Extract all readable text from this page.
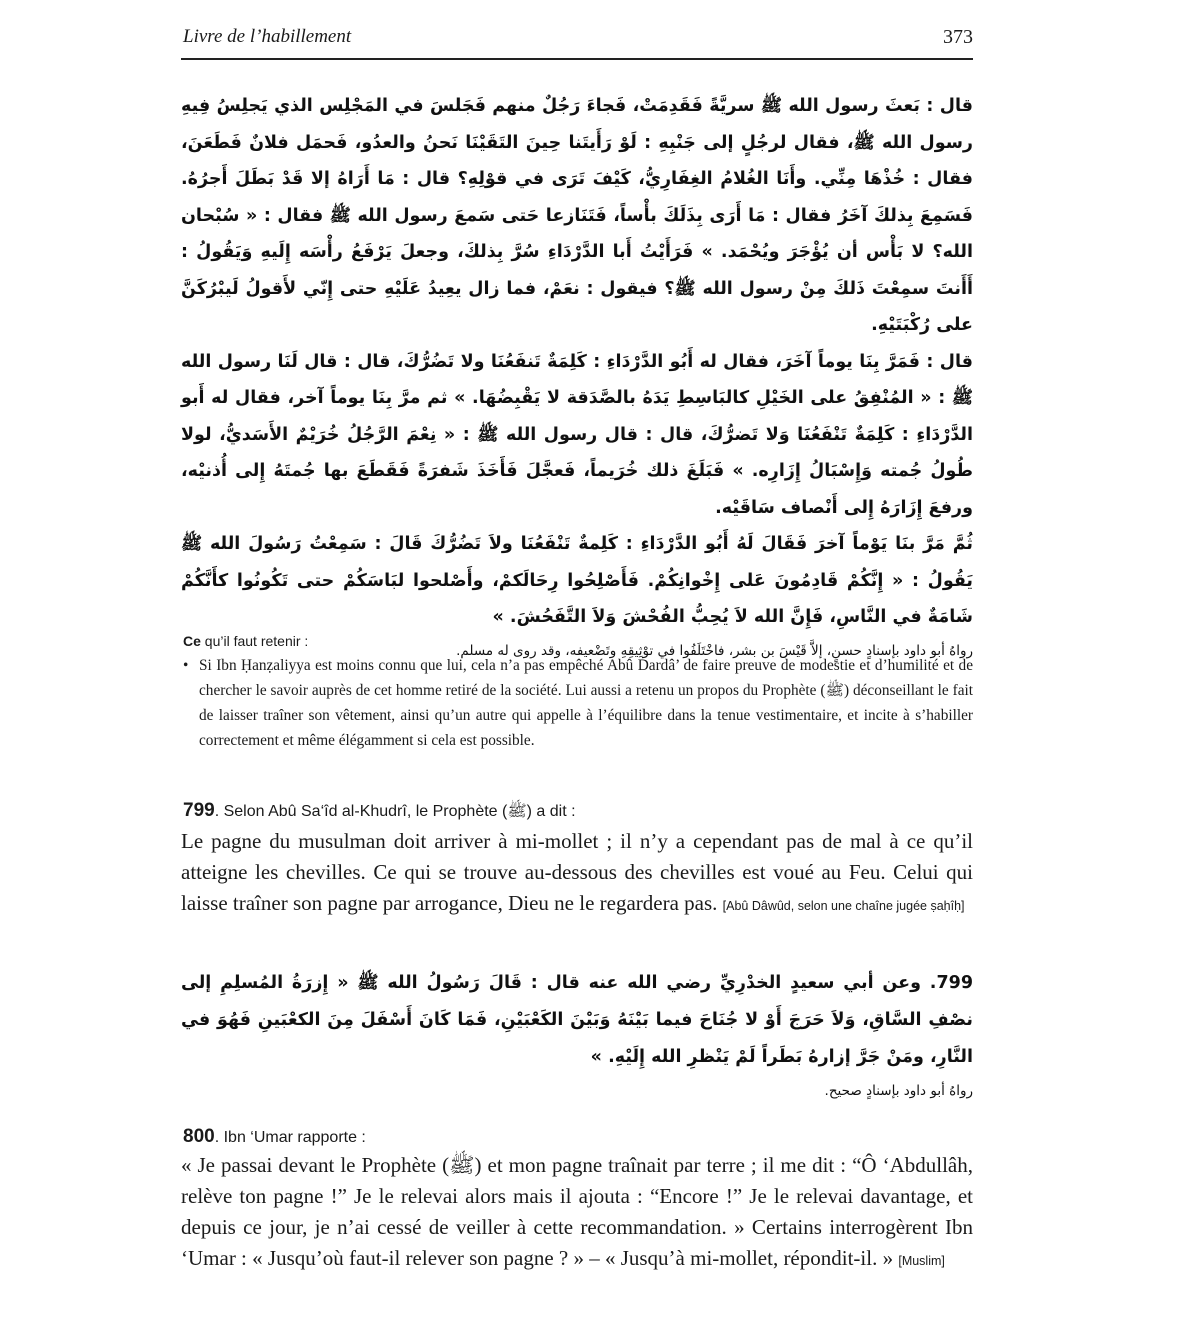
Livre de l’habillement	373

قال : بَعثَ رسول الله ﷺ سريَّةً فَقَدِمَتْ، فَجاءَ رَجُلٌ منهم فَجَلسَ في المَجْلِس الذي يَجلِسُ فِيهِ رسول الله ﷺ، فقال لرجُلٍ إلى جَنْبِهِ : لَوْ رَأَيتَنا حِينَ التَقَيْنَا نَحنُ والعدُو، فَحمَل فلانٌ فَطَعَنَ، فقال : خُذْهَا مِنِّي. وأَنَا الغُلامُ الغِفَارِيُّ، كَيْفَ تَرَى في قوْلِهِ؟ قال : مَا أَرَاهُ إلا قَدْ بَطَلَ أَجرُهُ. فَسَمِعَ بِذلكَ آخَرُ فقال : مَا أَرَى بِذَلَكَ بأْساً، فَتَنَازعا حَتى سَمعَ رسول الله ﷺ فقال : « سُبْحان الله؟ لا بَأْس أن يُؤْجَرَ ويُحْمَد. » فَرَأَيْتُ أَبا الدَّرْدَاءِ سُرَّ بِذلكَ، وجعلَ يَرْفَعُ رأْسَه إِلَيهِ وَيَقُولُ : أَأَنتَ سمِعْتَ ذَلكَ مِنْ رسول الله ﷺ؟ فيقول : نعَمْ، فما زال يعِيدُ عَلَيْهِ حتى إِنّي لأَقولُ لَيبْرُكَنَّ على رُكْبَتَيْهِ.

قال : فَمَرَّ بِنَا يوماً آخَرَ، فقال له أَبُو الدَّرْدَاءِ : كَلِمَةٌ تَنفَعُنَا ولا تَضُرُّكَ، قال : قال لَنَا رسول الله ﷺ : « المُنْفِقُ على الخَيْلِ كالبَاسِطِ يَدَهُ بالصَّدَقة لا يَقْبِضُهَا. » ثم مرَّ بِنَا يوماً آخر، فقال له أَبو الدَّرْدَاءِ : كَلِمَةٌ تَنْفَعُنَا وَلا تَضرُّكَ، قال : قال رسول الله ﷺ : « نِعْمَ الرَّجُلُ خُرَيْمٌ الأَسَديُّ، لولا طُولُ جُمته وَإِسْبَالُ إِزَارِه. » فَبَلَغَ ذلك خُرَيماً، فَعجَّلَ فَأَخَذَ شَفرَةً فَقَطَعَ بها جُمتَهُ إِلى أُذنيْه، ورفعَ إِزَارَهُ إِلى أَنْصاف سَاقَيْه.

ثُمَّ مَرَّ بنَا يَوْماً آخرَ فَقَالَ لَهُ أَبُو الدَّرْدَاءِ : كَلِمةٌ تَنْفَعُنَا ولاَ تَضُرُّكَ قَالَ : سَمِعْتُ رَسُولَ الله ﷺ يَقُولُ : « إِنَّكُمْ قَادِمُونَ عَلى إِخْوانِكُمْ. فَأَصْلِحُوا رِحَالَكمْ، وأَصْلحوا لبَاسَكُمْ حتى تَكُونُوا كأَنَّكُمْ شَامَةٌ في النَّاسِ، فَإِنَّ الله لاَ يُحِبُّ الفُحْشَ وَلاَ التَّفَحُشَ. »

رواهُ أبو داود بإسنادٍ حسنٍ، إلاَّ قَيْسَ بن بشر، فاخْتَلَفُوا في توْثِيقِهِ وتَضْعيفه، وقد روى له مسلم.

Ce qu’il faut retenir :
• Si Ibn Ḥanẓaliyya est moins connu que lui, cela n’a pas empêché Abû Dardâ’ de faire preuve de modestie et d’humilité et de chercher le savoir auprès de cet homme retiré de la société. Lui aussi a retenu un propos du Prophète (ﷺ) déconseillant le fait de laisser traîner son vêtement, ainsi qu’un autre qui appelle à l’équilibre dans la tenue vestimentaire, et incite à s’habiller correctement et même élégamment si cela est possible.
799. Selon Abû Sa‘îd al-Khudrî, le Prophète (ﷺ) a dit :

Le pagne du musulman doit arriver à mi-mollet ; il n’y a cependant pas de mal à ce qu’il atteigne les chevilles. Ce qui se trouve au-dessous des chevilles est voué au Feu. Celui qui laisse traîner son pagne par arrogance, Dieu ne le regardera pas. [Abû Dâwûd, selon une chaîne jugée ṣaḥîḥ]

799. وعن أبي سعيدٍ الخدْرِيِّ رضي الله عنه قال : قَالَ رَسُولُ الله ﷺ « إِزرَةُ المُسلِمِ إلى نصْفِ السَّاقِ، وَلاَ حَرَجَ أَوْ لا جُنَاحَ فيما بَيْنَهُ وَبَيْنَ الكَعْبَيْنِ، فَمَا كَانَ أَسْفَلَ مِنَ الكعْبَينِ فَهُوَ في النَّارِ، ومَنْ جَرَّ إزارهُ بَطَراً لَمْ يَنْظرِ الله إِلَيْهِ. »

رواهُ أبو داود بإسنادٍ صحيح.

800. Ibn ‘Umar rapporte :

« Je passai devant le Prophète (ﷺ) et mon pagne traînait par terre ; il me dit : “Ô ‘Abdullâh, relève ton pagne !” Je le relevai alors mais il ajouta : “Encore !” Je le relevai davantage, et depuis ce jour, je n’ai cessé de veiller à cette recommandation. » Certains interrogèrent Ibn ‘Umar : « Jusqu’où faut-il relever son pagne ? » – « Jusqu’à mi-mollet, répondit-il. » [Muslim]
